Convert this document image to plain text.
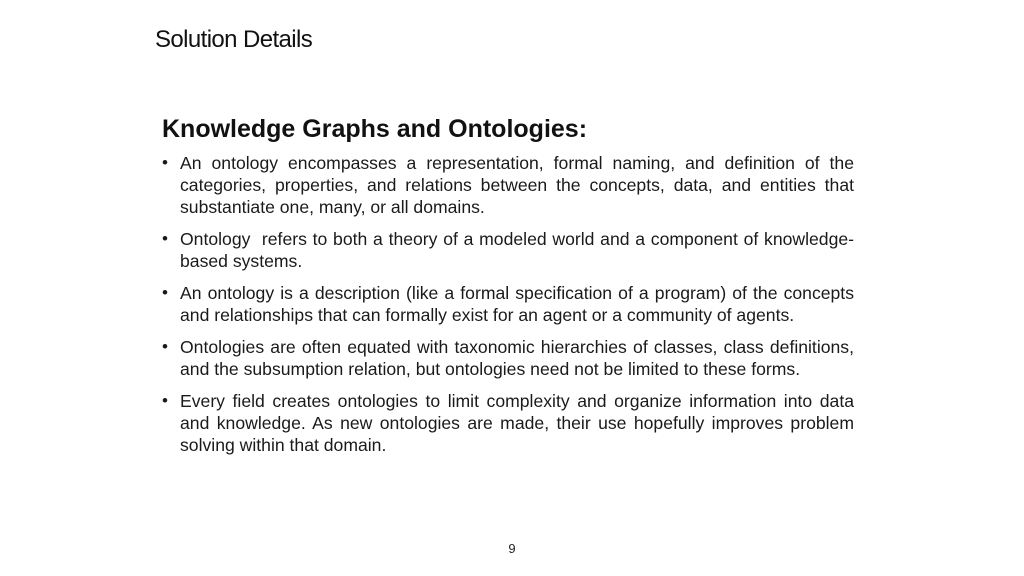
Solution Details
Knowledge Graphs and Ontologies:
• An ontology encompasses a representation, formal naming, and definition of the categories, properties, and relations between the concepts, data, and entities that substantiate one, many, or all domains.
• Ontology  refers to both a theory of a modeled world and a component of knowledge-based systems.
• An ontology is a description (like a formal specification of a program) of the concepts and relationships that can formally exist for an agent or a community of agents.
• Ontologies are often equated with taxonomic hierarchies of classes, class definitions, and the subsumption relation, but ontologies need not be limited to these forms.
• Every field creates ontologies to limit complexity and organize information into data and knowledge. As new ontologies are made, their use hopefully improves problem solving within that domain.
9
